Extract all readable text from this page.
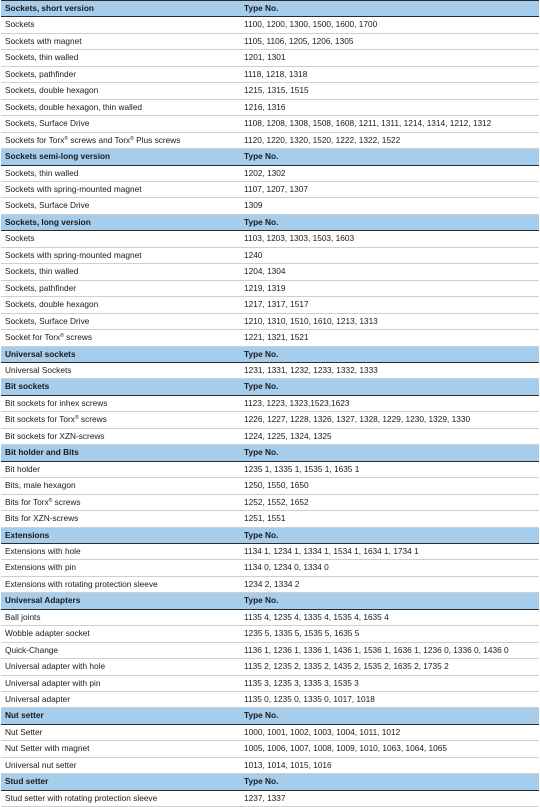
Sockets, short version	Type No.
Sockets	1100, 1200, 1300, 1500, 1600, 1700
Sockets with magnet	1105, 1106, 1205, 1206, 1305
Sockets, thin walled	1201, 1301
Sockets, pathfinder	1118, 1218, 1318
Sockets, double hexagon	1215, 1315, 1515
Sockets, double hexagon, thin walled	1216, 1316
Sockets, Surface Drive	1108, 1208, 1308, 1508, 1608, 1211, 1311, 1214, 1314, 1212, 1312
Sockets for Torx® screws and Torx® Plus screws	1120, 1220, 1320, 1520, 1222, 1322, 1522
Sockets semi-long version	Type No.
Sockets, thin walled	1202, 1302
Sockets with spring-mounted magnet	1107, 1207, 1307
Sockets, Surface Drive	1309
Sockets, long version	Type No.
Sockets	1103, 1203, 1303, 1503, 1603
Sockets with spring-mounted magnet	1240
Sockets, thin walled	1204, 1304
Sockets, pathfinder	1219, 1319
Sockets, double hexagon	1217, 1317, 1517
Sockets, Surface Drive	1210, 1310, 1510, 1610, 1213, 1313
Socket for Torx® screws	1221, 1321, 1521
Universal sockets	Type No.
Universal Sockets	1231, 1331, 1232, 1233, 1332, 1333
Bit sockets	Type No.
Bit sockets for inhex screws	1123, 1223, 1323,1523,1623
Bit sockets for Torx® screws	1226, 1227, 1228, 1326, 1327, 1328, 1229, 1230, 1329, 1330
Bit sockets for XZN-screws	1224, 1225, 1324, 1325
Bit holder and Bits	Type No.
Bit holder	1235 1, 1335 1, 1535 1, 1635 1
Bits, male hexagon	1250, 1550, 1650
Bits for Torx® screws	1252, 1552, 1652
Bits for XZN-screws	1251, 1551
Extensions	Type No.
Extensions with hole	1134 1, 1234 1, 1334 1, 1534 1, 1634 1, 1734 1
Extensions with pin	1134 0, 1234 0, 1334 0
Extensions with rotating protection sleeve	1234 2, 1334 2
Universal Adapters	Type No.
Ball joints	1135 4, 1235 4, 1335 4, 1535 4, 1635 4
Wobble adapter socket	1235 5, 1335 5, 1535 5, 1635 5
Quick-Change	1136 1, 1236 1, 1336 1, 1436 1, 1536 1, 1636 1, 1236 0, 1336 0, 1436 0
Universal adapter with hole	1135 2, 1235 2, 1335 2, 1435 2, 1535 2, 1635 2, 1735 2
Universal adapter with pin	1135 3, 1235 3, 1335 3, 1535 3
Universal adapter	1135 0, 1235 0, 1335 0, 1017, 1018
Nut setter	Type No.
Nut Setter	1000, 1001, 1002, 1003, 1004, 1011, 1012
Nut Setter with magnet	1005, 1006, 1007, 1008, 1009, 1010, 1063, 1064, 1065
Universal nut setter	1013, 1014, 1015, 1016
Stud setter	Type No.
Stud setter with rotating protection sleeve	1237, 1337
